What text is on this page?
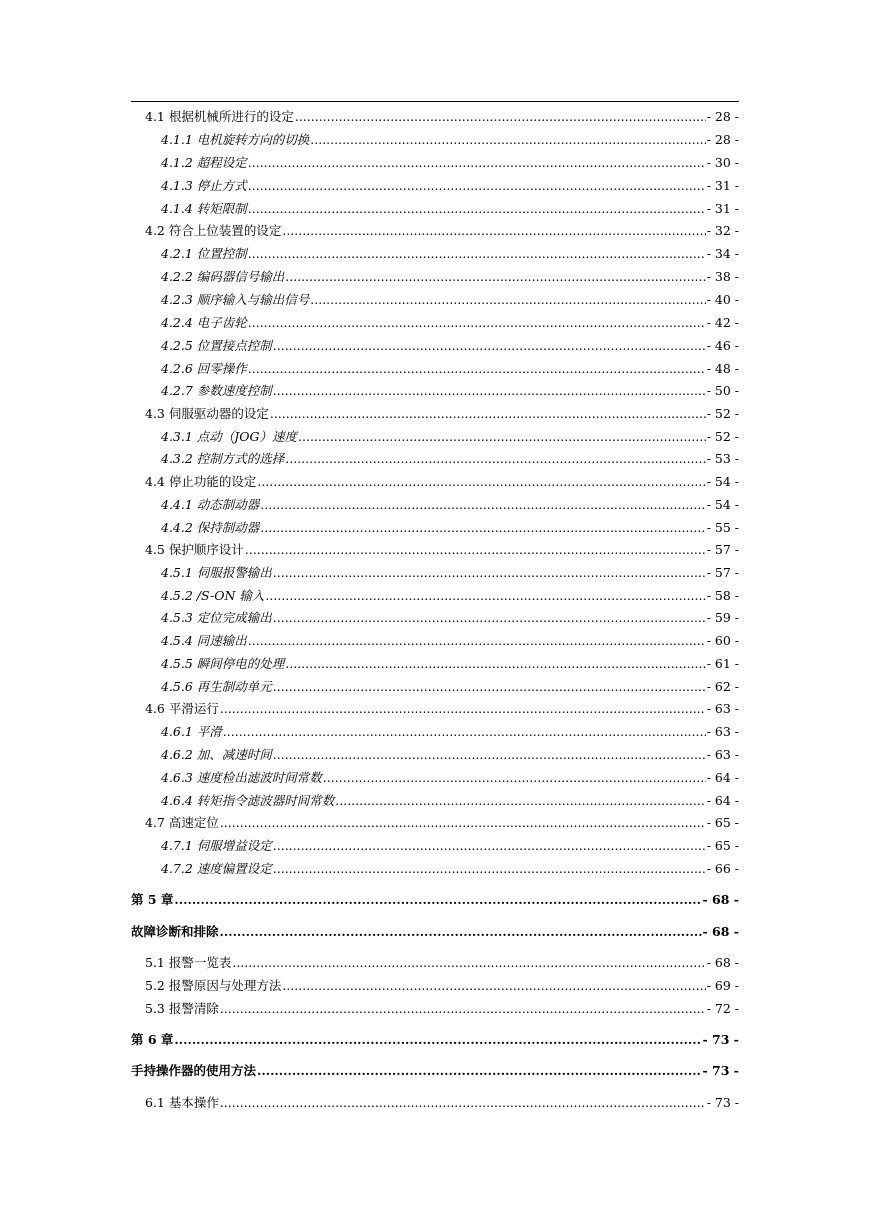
4.1 根据机械所进行的设定 .....	- 28 -
4.1.1 电机旋转方向的切换 .....	- 28 -
4.1.2 超程设定 .....	- 30 -
4.1.3 停止方式 .....	- 31 -
4.1.4 转矩限制 .....	- 31 -
4.2 符合上位装置的设定 .....	- 32 -
4.2.1 位置控制 .....	- 34 -
4.2.2 编码器信号输出 .....	- 38 -
4.2.3 顺序输入与输出信号 .....	- 40 -
4.2.4 电子齿轮 .....	- 42 -
4.2.5 位置接点控制 .....	- 46 -
4.2.6 回零操作 .....	- 48 -
4.2.7 参数速度控制 .....	- 50 -
4.3 伺服驱动器的设定 .....	- 52 -
4.3.1 点动（JOG）速度 .....	- 52 -
4.3.2 控制方式的选择 .....	- 53 -
4.4 停止功能的设定 .....	- 54 -
4.4.1 动态制动器 .....	- 54 -
4.4.2 保持制动器 .....	- 55 -
4.5 保护顺序设计 .....	- 57 -
4.5.1 伺服报警输出 .....	- 57 -
4.5.2 /S-ON 输入 .....	- 58 -
4.5.3 定位完成输出 .....	- 59 -
4.5.4 同速输出 .....	- 60 -
4.5.5 瞬间停电的处理 .....	- 61 -
4.5.6 再生制动单元 .....	- 62 -
4.6 平滑运行 .....	- 63 -
4.6.1 平滑 .....	- 63 -
4.6.2 加、减速时间 .....	- 63 -
4.6.3 速度检出滤波时间常数 .....	- 64 -
4.6.4 转矩指令滤波器时间常数 .....	- 64 -
4.7 高速定位 .....	- 65 -
4.7.1 伺服增益设定 .....	- 65 -
4.7.2 速度偏置设定 .....	- 66 -
第 5 章 .....	- 68 -
故障诊断和排除 .....	- 68 -
5.1 报警一览表 .....	- 68 -
5.2 报警原因与处理方法 .....	- 69 -
5.3 报警清除 .....	- 72 -
第 6 章 .....	- 73 -
手持操作器的使用方法 .....	- 73 -
6.1 基本操作 .....	- 73 -
